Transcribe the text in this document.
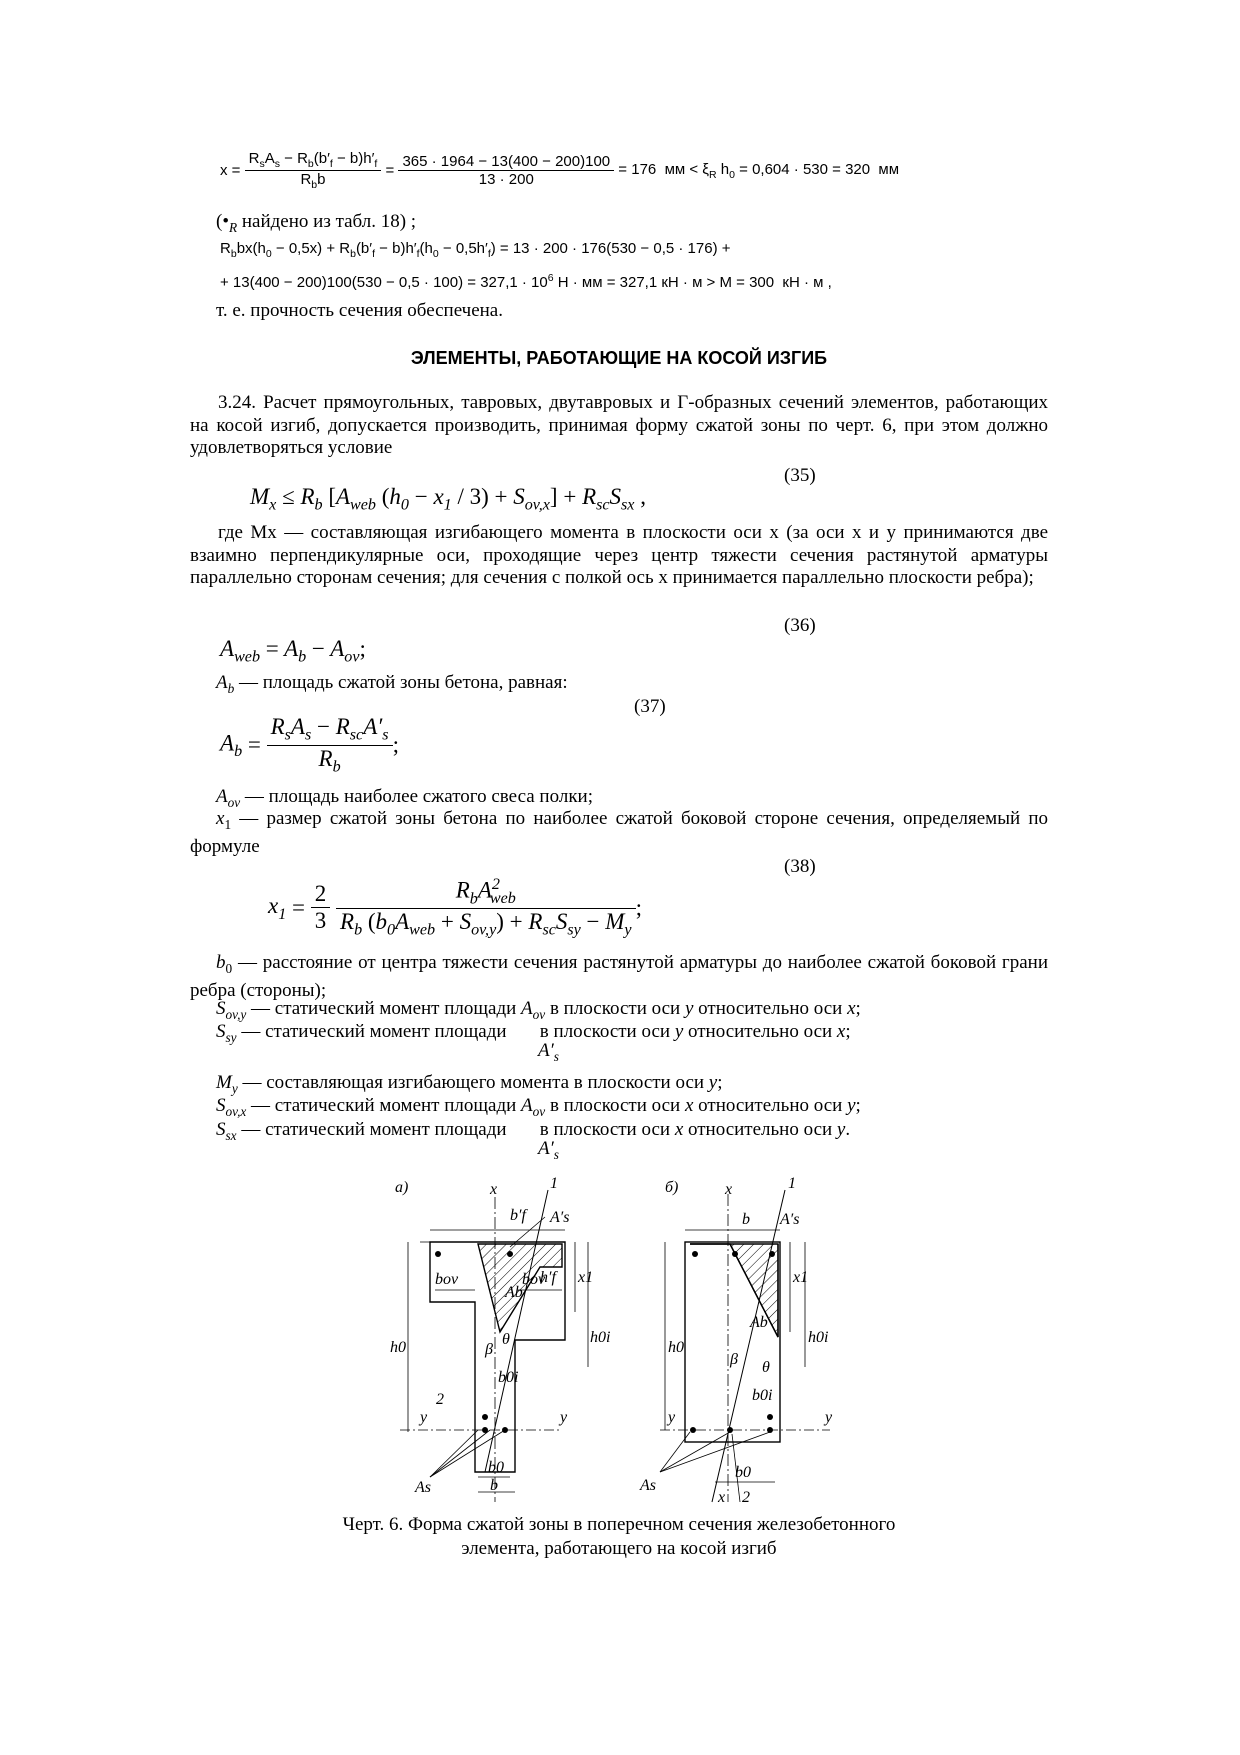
$x = \frac{R_sA_s - R_b(b'_f - b)h'_f}{R_bb} = \frac{365 \cdot 1964 - 13(400 - 200)100}{13 \cdot 200} = 176$  мм < $\xi_R$ $h_0 = 0,604 \cdot 530 = 320$  мм
($•_R$ найдено из табл. 18) ;
$R_bbx(h_0 - 0,5x) + R_b(b'_f - b)h'_f(h_0 - 0,5h'_f) = 13 \cdot 200 \cdot 176(530 - 0,5 \cdot 176)$ +
+ $13(400 - 200)100(530 - 0,5 \cdot 100) = 327,1 \cdot 10^6$ Н · мм = 327,1 кН · м > M = 300  кН · м ,
т. е. прочность сечения обеспечена.
ЭЛЕМЕНТЫ, РАБОТАЮЩИЕ НА КОСОЙ ИЗГИБ
3.24. Расчет прямоугольных, тавровых, двутавровых и Г-образных сечений элементов, работающих на косой изгиб, допускается производить, принимая форму сжатой зоны по черт. 6, при этом должно удовлетворяться условие
(35)
$M_x \le R_b$ [$A_{web}$ $(h_0 - x_1 / 3) + S_{ov,x}] + R_{sc}S_{sx}$ ,
где Mx — составляющая изгибающего момента в плоскости оси x (за оси x и y принимаются две взаимно перпендикулярные оси, проходящие через центр тяжести сечения растянутой арматуры параллельно сторонам сечения; для сечения с полкой ось x принимается параллельно плоскости ребра);
(36)
$A_{web} = A_b - A_{ov}$;
$A_b$ — площадь сжатой зоны бетона, равная:
(37)
$A_b = \frac{R_sA_s - R_{sc}A'_s}{R_b}$ ;
$A_{ov}$ — площадь наиболее сжатого свеса полки;
$x_1$ — размер сжатой зоны бетона по наиболее сжатой боковой стороне сечения, определяемый по формуле
(38)
$x_1 = \frac{2}{3}$
$\frac{R_bA^2_{web}}{R_b (b_0A_{web} + S_{ov,y}) + R_{sc}S_{sy} - M_y}$ ;
$b_0$ — расстояние от центра тяжести сечения растянутой арматуры до наиболее сжатой боковой грани ребра (стороны);
$S_{ov,y}$ — статический момент площади $A_{ov}$ в плоскости оси y относительно оси x;
$S_{sy}$ — статический момент площади       в плоскости оси y относительно оси x;
$A'_s$
$M_y$ — составляющая изгибающего момента в плоскости оси y;
$S_{ov,x}$ — статический момент площади $A_{ov}$ в плоскости оси x относительно оси y;
$S_{sx}$ — статический момент площади       в плоскости оси x относительно оси y.
$A'_s$
а)	x	1
b′f A′s
h′f
Ab
bov	bov x1
h0i
h0	β
θ
b0i
2
y	y
As
b0
b
б)	x	1
b A′s
Ab
x1
h0i
h0
β θ
b0i
y	y
As
b0
x 2
Черт. 6. Форма сжатой зоны в поперечном сечения железобетонного
элемента, работающего на косой изгиб
